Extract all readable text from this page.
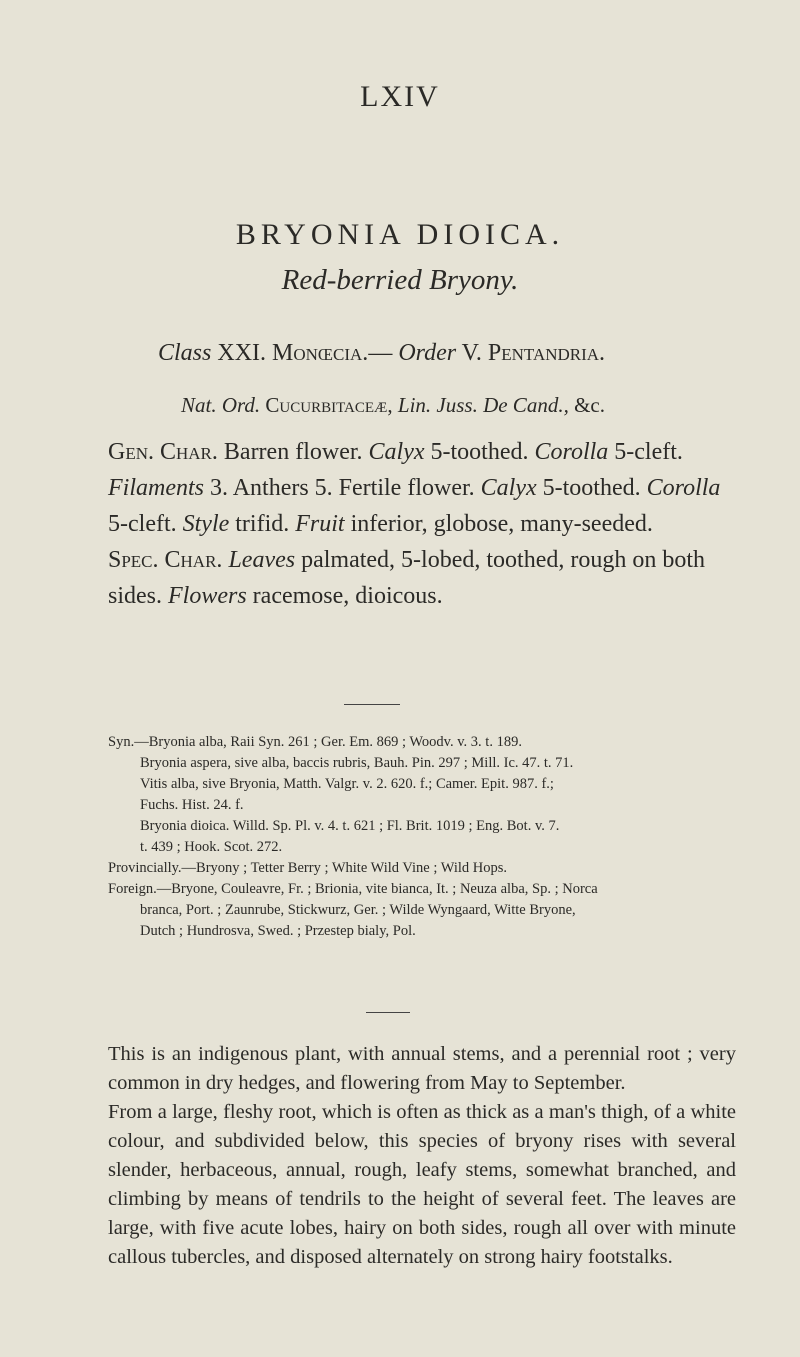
LXIV
BRYONIA DIOICA.
Red-berried Bryony.
Class XXI. Monœcia.— Order V. Pentandria.
Nat. Ord. Cucurbitaceæ, Lin. Juss. De Cand., &c.
Gen. Char. Barren flower. Calyx 5-toothed. Corolla 5-cleft. Filaments 3. Anthers 5. Fertile flower. Calyx 5-toothed. Corolla 5-cleft. Style trifid. Fruit inferior, globose, many-seeded.
Spec. Char. Leaves palmated, 5-lobed, toothed, rough on both sides. Flowers racemose, dioicous.

Syn.—Bryonia alba, Raii Syn. 261 ; Ger. Em. 869 ; Woodv. v. 3. t. 189.

Bryonia aspera, sive alba, baccis rubris, Bauh. Pin. 297 ; Mill. Ic. 47. t. 71.

Vitis alba, sive Bryonia, Matth. Valgr. v. 2. 620. f.; Camer. Epit. 987. f.;

Fuchs. Hist. 24. f.

Bryonia dioica. Willd. Sp. Pl. v. 4. t. 621 ; Fl. Brit. 1019 ; Eng. Bot. v. 7.

t. 439 ; Hook. Scot. 272.

Provincially.—Bryony ; Tetter Berry ; White Wild Vine ; Wild Hops.

Foreign.—Bryone, Couleavre, Fr. ; Brionia, vite bianca, It. ; Neuza alba, Sp. ; Norca

branca, Port. ; Zaunrube, Stickwurz, Ger. ; Wilde Wyngaard, Witte Bryone,

Dutch ; Hundrosva, Swed. ; Przestep bialy, Pol.

This is an indigenous plant, with annual stems, and a perennial root ; very common in dry hedges, and flowering from May to September.

From a large, fleshy root, which is often as thick as a man's thigh, of a white colour, and subdivided below, this species of bryony rises with several slender, herbaceous, annual, rough, leafy stems, somewhat branched, and climbing by means of tendrils to the height of several feet. The leaves are large, with five acute lobes, hairy on both sides, rough all over with minute callous tubercles, and disposed alternately on strong hairy footstalks.
